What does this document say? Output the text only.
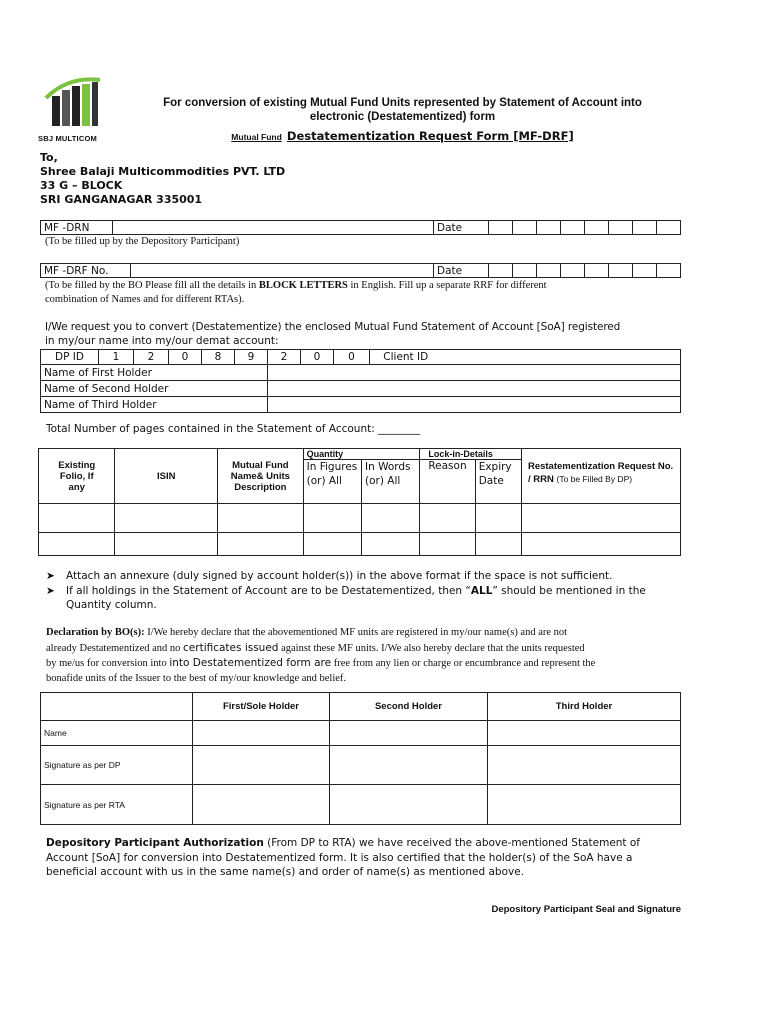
SBJ MULTICOM
For conversion of existing Mutual Fund Units represented by Statement of Account into
electronic (Destatementized) form
Mutual Fund Destatementization Request Form [MF-DRF]
To,
Shree Balaji Multicommodities PVT. LTD
33 G – BLOCK
SRI GANGANAGAR 335001
MF -DRN		Date								
(To be filled up by the Depository Participant)
MF -DRF No.		Date								
(To be filled by the BO Please fill all the details in BLOCK LETTERS in English. Fill up a separate RRF for different
combination of Names and for different RTAs).
I/We request you to convert (Destatementize) the enclosed Mutual Fund Statement of Account [SoA] registered
in my/our name into my/our demat account:
DP ID	1	2	0	8	9	2	0	0	Client ID	
Name of First Holder										
Name of Second Holder										
Name of Third Holder										
Total Number of pages contained in the Statement of Account: ________
Existing Folio, If any	ISIN	Mutual Fund Name& Units Description	Quantity		Lock-in-Details		Restatementization Request No. / RRN (To be Filled By DP)
			In Figures (or) All	In Words (or) All	Reason	Expiry Date	

➤ Attach an annexure (duly signed by account holder(s)) in the above format if the space is not sufficient.
➤ If all holdings in the Statement of Account are to be Destatementized, then “ALL” should be mentioned in the
Quantity column.
Declaration by BO(s): I/We hereby declare that the abovementioned MF units are registered in my/our name(s) and are not
already Destatementized and no certificates issued against these MF units. I/We also hereby declare that the units requested
by me/us for conversion into into Destatementized form are free from any lien or charge or encumbrance and represent the
bonafide units of the Issuer to the best of my/our knowledge and belief.
	First/Sole Holder	Second Holder	Third Holder
Name			
Signature as per DP			
Signature as per RTA			
Depository Participant Authorization (From DP to RTA) we have received the above-mentioned Statement of
Account [SoA] for conversion into Destatementized form. It is also certified that the holder(s) of the SoA have a
beneficial account with us in the same name(s) and order of name(s) as mentioned above.
Depository Participant Seal and Signature
